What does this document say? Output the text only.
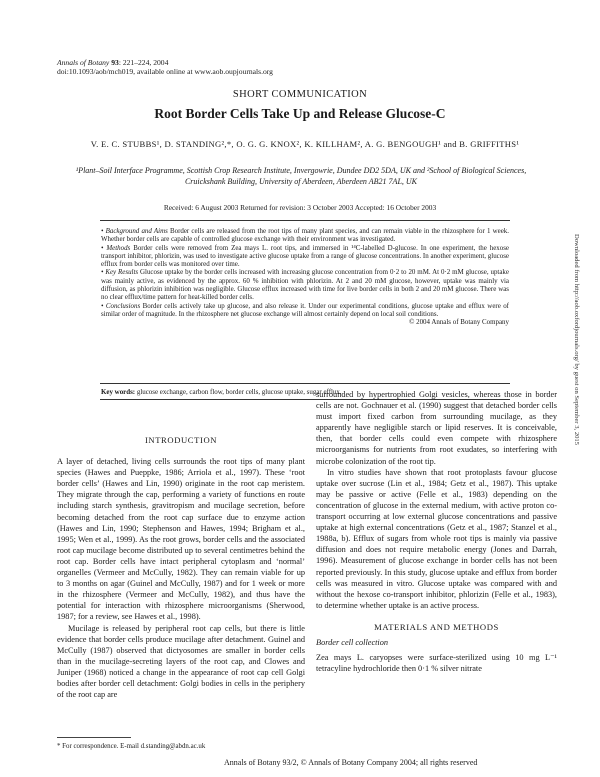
Annals of Botany 93: 221–224, 2004
doi:10.1093/aob/mch019, available online at www.aob.oupjournals.org
SHORT COMMUNICATION
Root Border Cells Take Up and Release Glucose-C
V. E. C. STUBBS¹, D. STANDING²,*, O. G. G. KNOX², K. KILLHAM², A. G. BENGOUGH¹ and B. GRIFFITHS¹
¹Plant–Soil Interface Programme, Scottish Crop Research Institute, Invergowrie, Dundee DD2 5DA, UK and ²School of Biological Sciences, Cruickshank Building, University of Aberdeen, Aberdeen AB21 7AL, UK
Received: 6 August 2003 Returned for revision: 3 October 2003 Accepted: 16 October 2003

• Background and Aims Border cells are released from the root tips of many plant species, and can remain viable in the rhizosphere for 1 week. Whether border cells are capable of controlled glucose exchange with their environment was investigated.

• Methods Border cells were removed from Zea mays L. root tips, and immersed in ¹⁴C-labelled D-glucose. In one experiment, the hexose transport inhibitor, phlorizin, was used to investigate active glucose uptake from a range of glucose concentrations. In another experiment, glucose efflux from border cells was monitored over time.

• Key Results Glucose uptake by the border cells increased with increasing glucose concentration from 0·2 to 20 mM. At 0·2 mM glucose, uptake was mainly active, as evidenced by the approx. 60 % inhibition with phlorizin. At 2 and 20 mM glucose, however, uptake was mainly via diffusion, as phlorizin inhibition was negligible. Glucose efflux increased with time for live border cells in both 2 and 20 mM glucose. There was no clear efflux/time pattern for heat-killed border cells.

• Conclusions Border cells actively take up glucose, and also release it. Under our experimental conditions, glucose uptake and efflux were of similar order of magnitude. In the rhizosphere net glucose exchange will almost certainly depend on local soil conditions.

© 2004 Annals of Botany Company

Key words: glucose exchange, carbon flow, border cells, glucose uptake, sugar efflux.
INTRODUCTION

A layer of detached, living cells surrounds the root tips of many plant species (Hawes and Pueppke, 1986; Arriola et al., 1997). These ‘root border cells’ (Hawes and Lin, 1990) originate in the root cap meristem. They migrate through the cap, performing a variety of functions en route including starch synthesis, gravitropism and mucilage secretion, before becoming detached from the root cap surface due to enzyme action (Hawes and Lin, 1990; Stephenson and Hawes, 1994; Brigham et al., 1995; Wen et al., 1999). As the root grows, border cells and the associated root cap mucilage become distributed up to several centimetres behind the root cap. Border cells have intact peripheral cytoplasm and ‘normal’ organelles (Vermeer and McCully, 1982). They can remain viable for up to 3 months on agar (Guinel and McCully, 1987) and for 1 week or more in the rhizosphere (Vermeer and McCully, 1982), and thus have the potential for interaction with rhizosphere microorganisms (Sherwood, 1987; for a review, see Hawes et al., 1998).

Mucilage is released by peripheral root cap cells, but there is little evidence that border cells produce mucilage after detachment. Guinel and McCully (1987) observed that dictyosomes are smaller in border cells than in the mucilage-secreting layers of the root cap, and Clowes and Juniper (1968) noticed a change in the appearance of root cap cell Golgi bodies after border cell detachment: Golgi bodies in cells in the periphery of the root cap are

surrounded by hypertrophied Golgi vesicles, whereas those in border cells are not. Gochnauer et al. (1990) suggest that detached border cells must import fixed carbon from surrounding mucilage, as they apparently have negligible starch or lipid reserves. It is conceivable, then, that border cells could even compete with rhizosphere microorganisms for nutrients from root exudates, so interfering with microbe colonization of the root tip.

In vitro studies have shown that root protoplasts favour glucose uptake over sucrose (Lin et al., 1984; Getz et al., 1987). This uptake may be passive or active (Felle et al., 1983) depending on the concentration of glucose in the external medium, with active proton co-transport occurring at low external glucose concentrations and passive uptake at high external concentrations (Getz et al., 1987; Stanzel et al., 1988a, b). Efflux of sugars from whole root tips is mainly via passive diffusion and does not require metabolic energy (Jones and Darrah, 1996). Measurement of glucose exchange in border cells has not been reported previously. In this study, glucose uptake and efflux from border cells was measured in vitro. Glucose uptake was compared with and without the hexose co-transport inhibitor, phlorizin (Felle et al., 1983), to determine whether uptake is an active process.

MATERIALS AND METHODS
Border cell collection

Zea mays L. caryopses were surface-sterilized using 10 mg L⁻¹ tetracyline hydrochloride then 0·1 % silver nitrate

* For correspondence. E-mail d.standing@abdn.ac.uk
Annals of Botany 93/2, © Annals of Botany Company 2004; all rights reserved
Downloaded from http://aob.oxfordjournals.org/ by guest on September 3, 2015
